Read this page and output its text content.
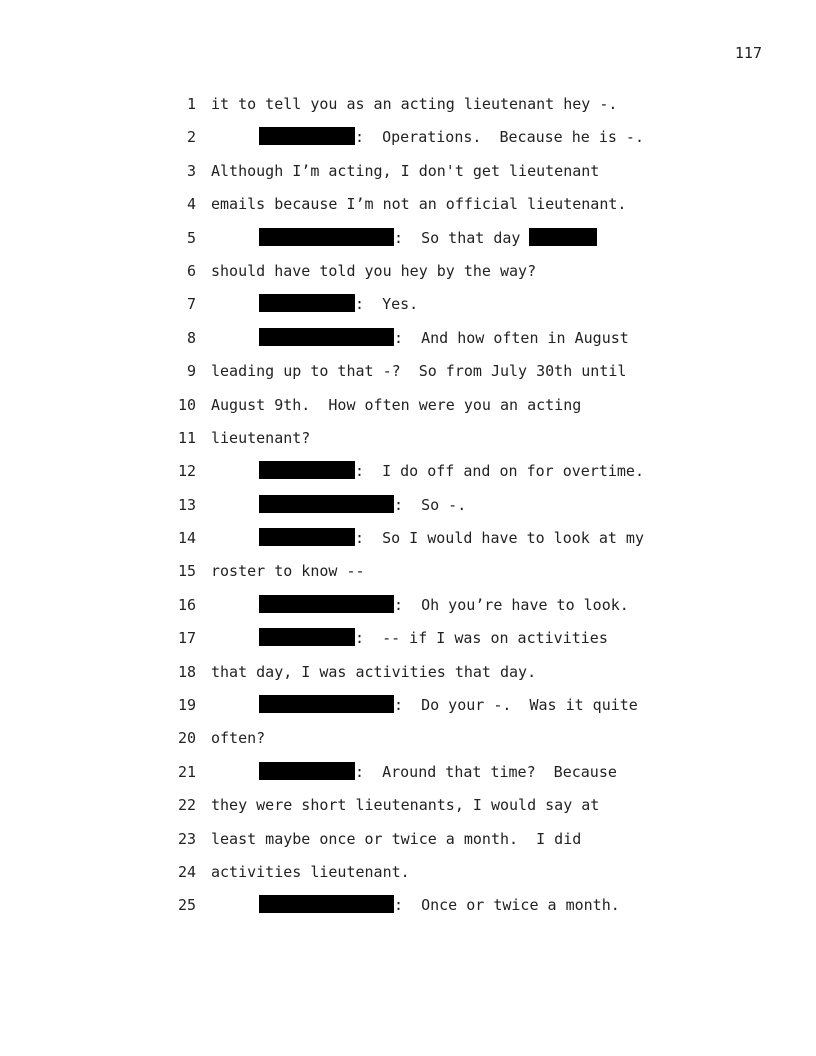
117
1 it to tell you as an acting lieutenant hey -.
2	:  Operations.  Because he is -.
3 Although I’m acting, I don't get lieutenant
4 emails because I’m not an official lieutenant.
5	:  So that day
6 should have told you hey by the way?
7	:  Yes.
8	:  And how often in August
9 leading up to that -?  So from July 30th until
10 August 9th.  How often were you an acting
11 lieutenant?
12	:  I do off and on for overtime.
13	:  So -.
14	:  So I would have to look at my
15 roster to know --
16	:  Oh you’re have to look.
17	:  -- if I was on activities
18 that day, I was activities that day.
19	:  Do your -.  Was it quite
20 often?
21	:  Around that time?  Because
22 they were short lieutenants, I would say at
23 least maybe once or twice a month.  I did
24 activities lieutenant.
25	:  Once or twice a month.
